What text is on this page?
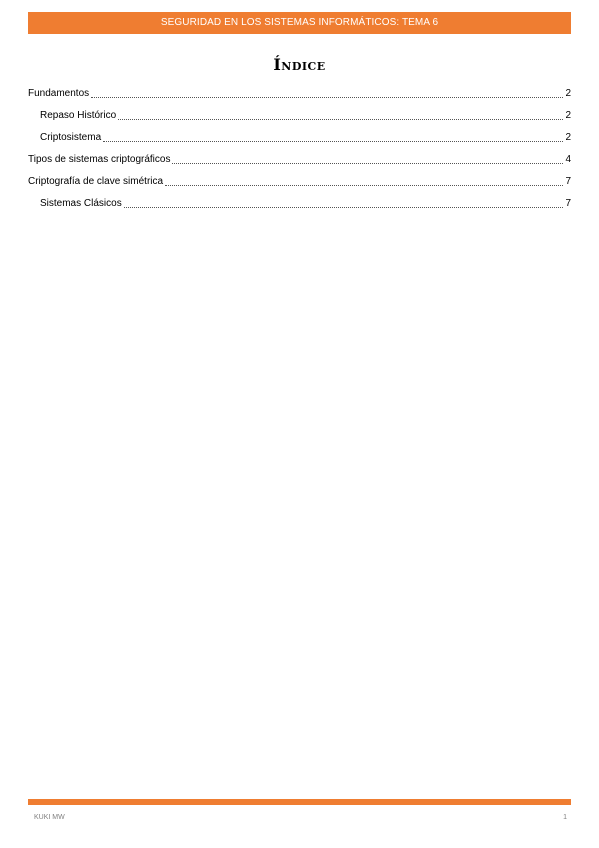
SEGURIDAD EN LOS SISTEMAS INFORMÁTICOS: TEMA 6
Índice
Fundamentos	2
Repaso Histórico	2
Criptosistema	2
Tipos de sistemas criptográficos	4
Criptografía de clave simétrica	7
Sistemas Clásicos	7
KUKI MW	1
